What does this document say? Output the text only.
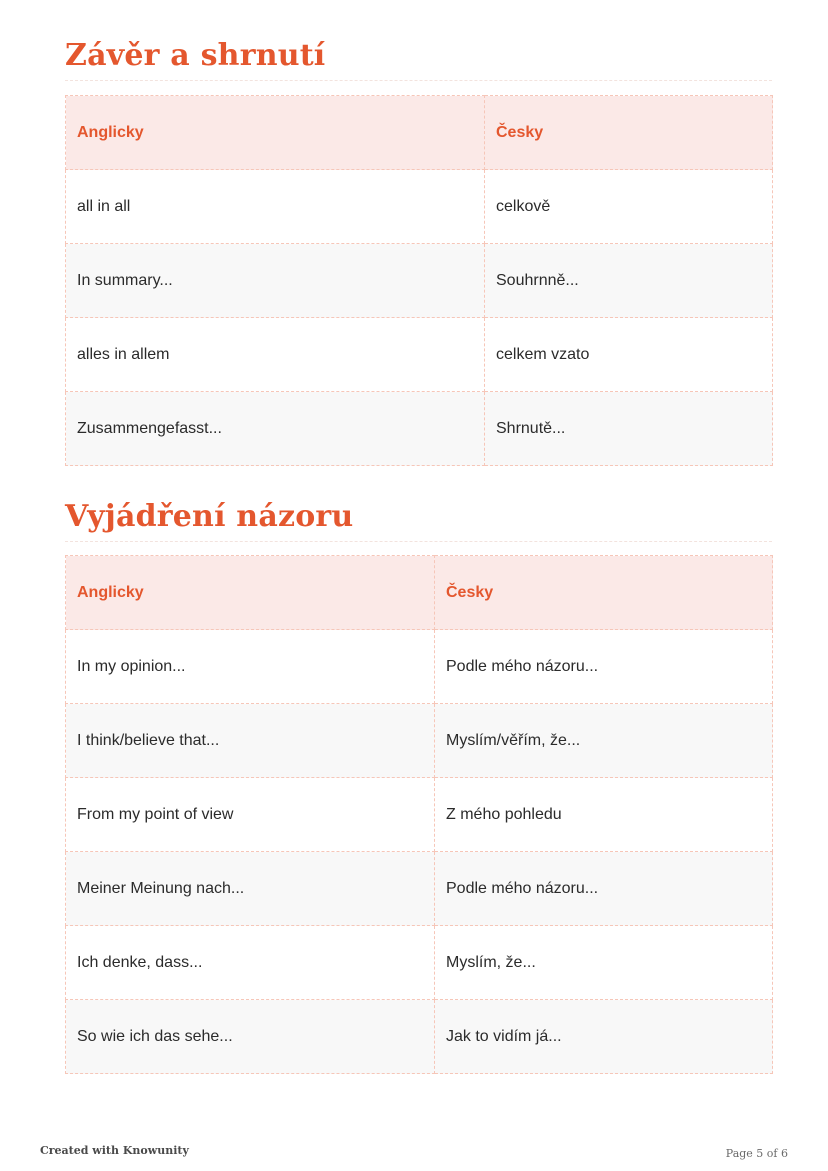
Závěr a shrnutí
Anglicky	Česky
all in all	celkově
In summary...	Souhrnně...
alles in allem	celkem vzato
Zusammengefasst...	Shrnutě...
Vyjádření názoru
Anglicky	Česky
In my opinion...	Podle mého názoru...
I think/believe that...	Myslím/věřím, že...
From my point of view	Z mého pohledu
Meiner Meinung nach...	Podle mého názoru...
Ich denke, dass...	Myslím, že...
So wie ich das sehe...	Jak to vidím já...
Created with Knowunity	Page 5 of 6
